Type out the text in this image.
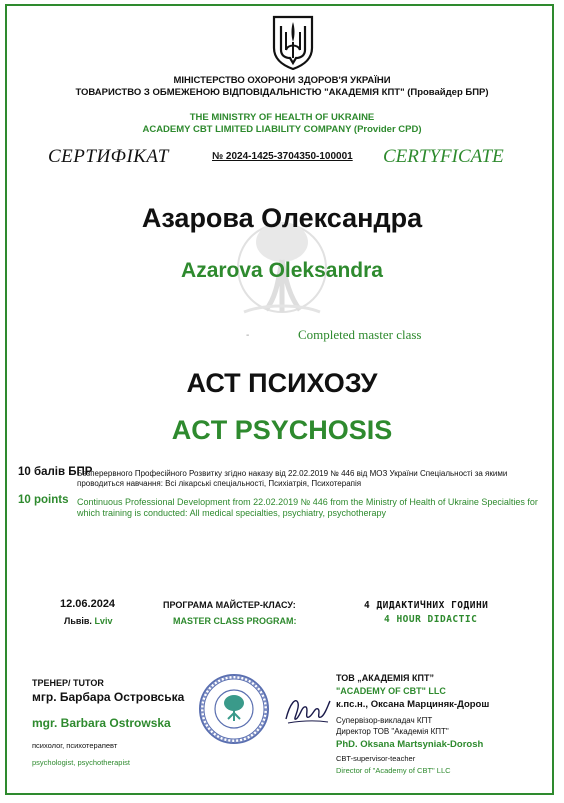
МІНІСТЕРСТВО ОХОРОНИ ЗДОРОВ'Я УКРАЇНИ
ТОВАРИСТВО З ОБМЕЖЕНОЮ ВІДПОВІДАЛЬНІСТЮ "АКАДЕМІЯ КПТ" (Провайдер БПР)
THE MINISTRY OF HEALTH OF UKRAINE
ACADEMY CBT LIMITED LIABILITY COMPANY (Provider CPD)
СЕРТИФІКАТ	№ 2024-1425-3704350-100001 CERTYFICATE
Азарова Олександра
Azarova Oleksandra
-	Completed master class
АСТ ПСИХОЗУ
ACT PSYCHOSIS
10 балів БПР
Безперервного Професійного Розвитку згідно наказу від 22.02.2019 № 446 від МОЗ України Спеціальності за якими проводиться навчання: Всі лікарські спеціальності, Психіатрія, Психотерапія
10 points Continuous Professional Development from 22.02.2019 № 446 from the Ministry of Health of Ukraine Specialties for which training is conducted: All medical specialties, psychiatry, psychotherapy
12.06.2024
Львів. Lviv
ПРОГРАМА МАЙСТЕР-КЛАСУ:
MASTER CLASS PROGRAM:
4 ДИДАКТИЧНИХ ГОДИНИ
4 HOUR DIDACTIC
ТРЕНЕР/ TUTOR
мгр. Барбара Островська
mgr. Barbara Ostrowska
психолог, психотерапевт
psychologist, psychotherapist
ТОВ „АКАДЕМІЯ КПТ”
"ACADEMY OF CBT" LLC
к.пс.н., Оксана Марциняк-Дорош
Супервізор-викладач КПТ
Директор ТОВ "Академія КПТ"
PhD. Oksana Martsyniak-Dorosh
CBT-supervisor-teacher
Director of "Academy of CBT" LLC
